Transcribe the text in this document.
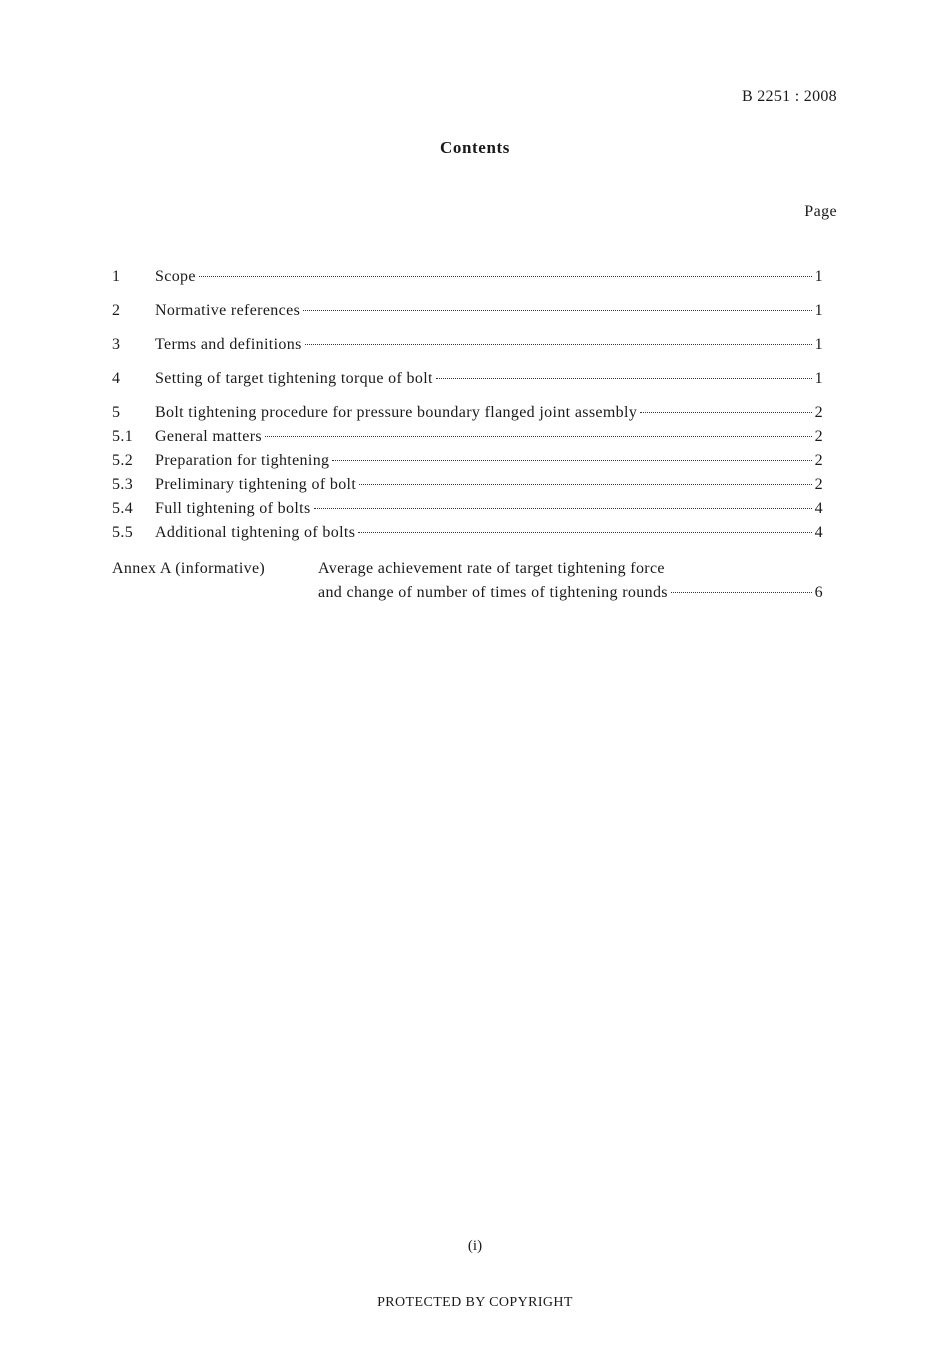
B 2251 : 2008
Contents
Page
1 Scope	1
2 Normative references	1
3 Terms and definitions	1
4 Setting of target tightening torque of bolt	1
5 Bolt tightening procedure for pressure boundary flanged joint assembly	2
5.1 General matters	2
5.2 Preparation for tightening	2
5.3 Preliminary tightening of bolt	2
5.4 Full tightening of bolts	4
5.5 Additional tightening of bolts	4
Annex A (informative)	Average achievement rate of target tightening force
and change of number of times of tightening rounds	6
(i)
PROTECTED BY COPYRIGHT
